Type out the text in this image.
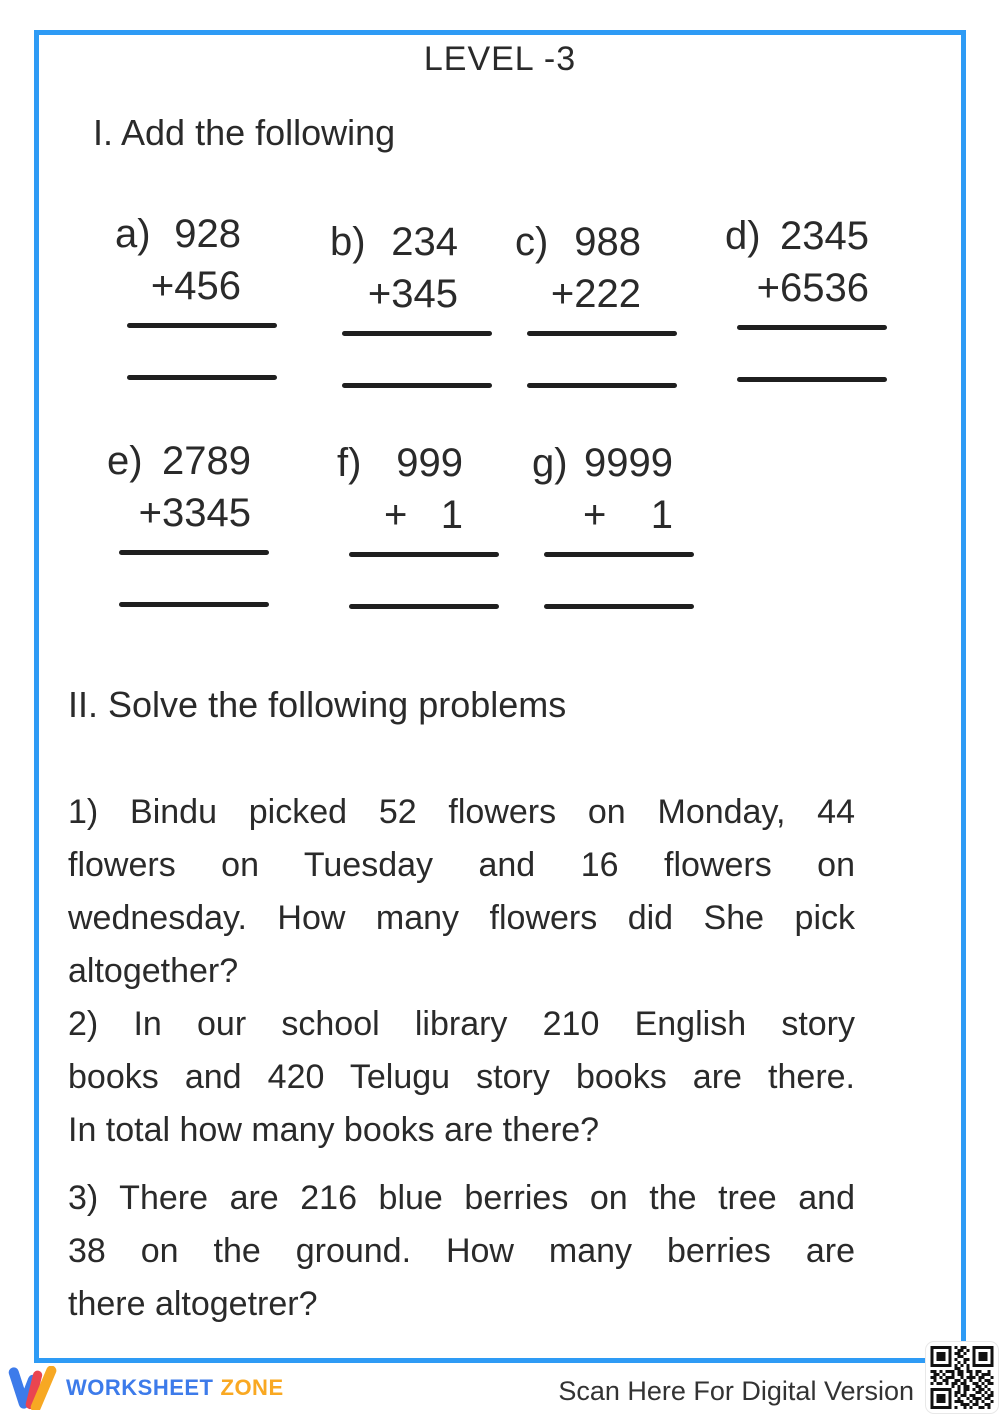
LEVEL -3
I. Add the following
a) 928
+456
b) 234
+345
c) 988
+222
d) 2345
+6536
e) 2789
+3345
f) 999
+   1
g) 9999
+    1
II. Solve the following problems
1) Bindu picked 52 flowers on Monday, 44
flowers on Tuesday and 16 flowers on
wednesday. How many flowers did She pick
altogether?
2) In our school library 210 English story
books and 420 Telugu story books are there.
In total how many books are there?
3) There are 216 blue berries on the tree and
38 on the ground. How many berries are
there altogetrer?
WORKSHEET ZONE	Scan Here For Digital Version
